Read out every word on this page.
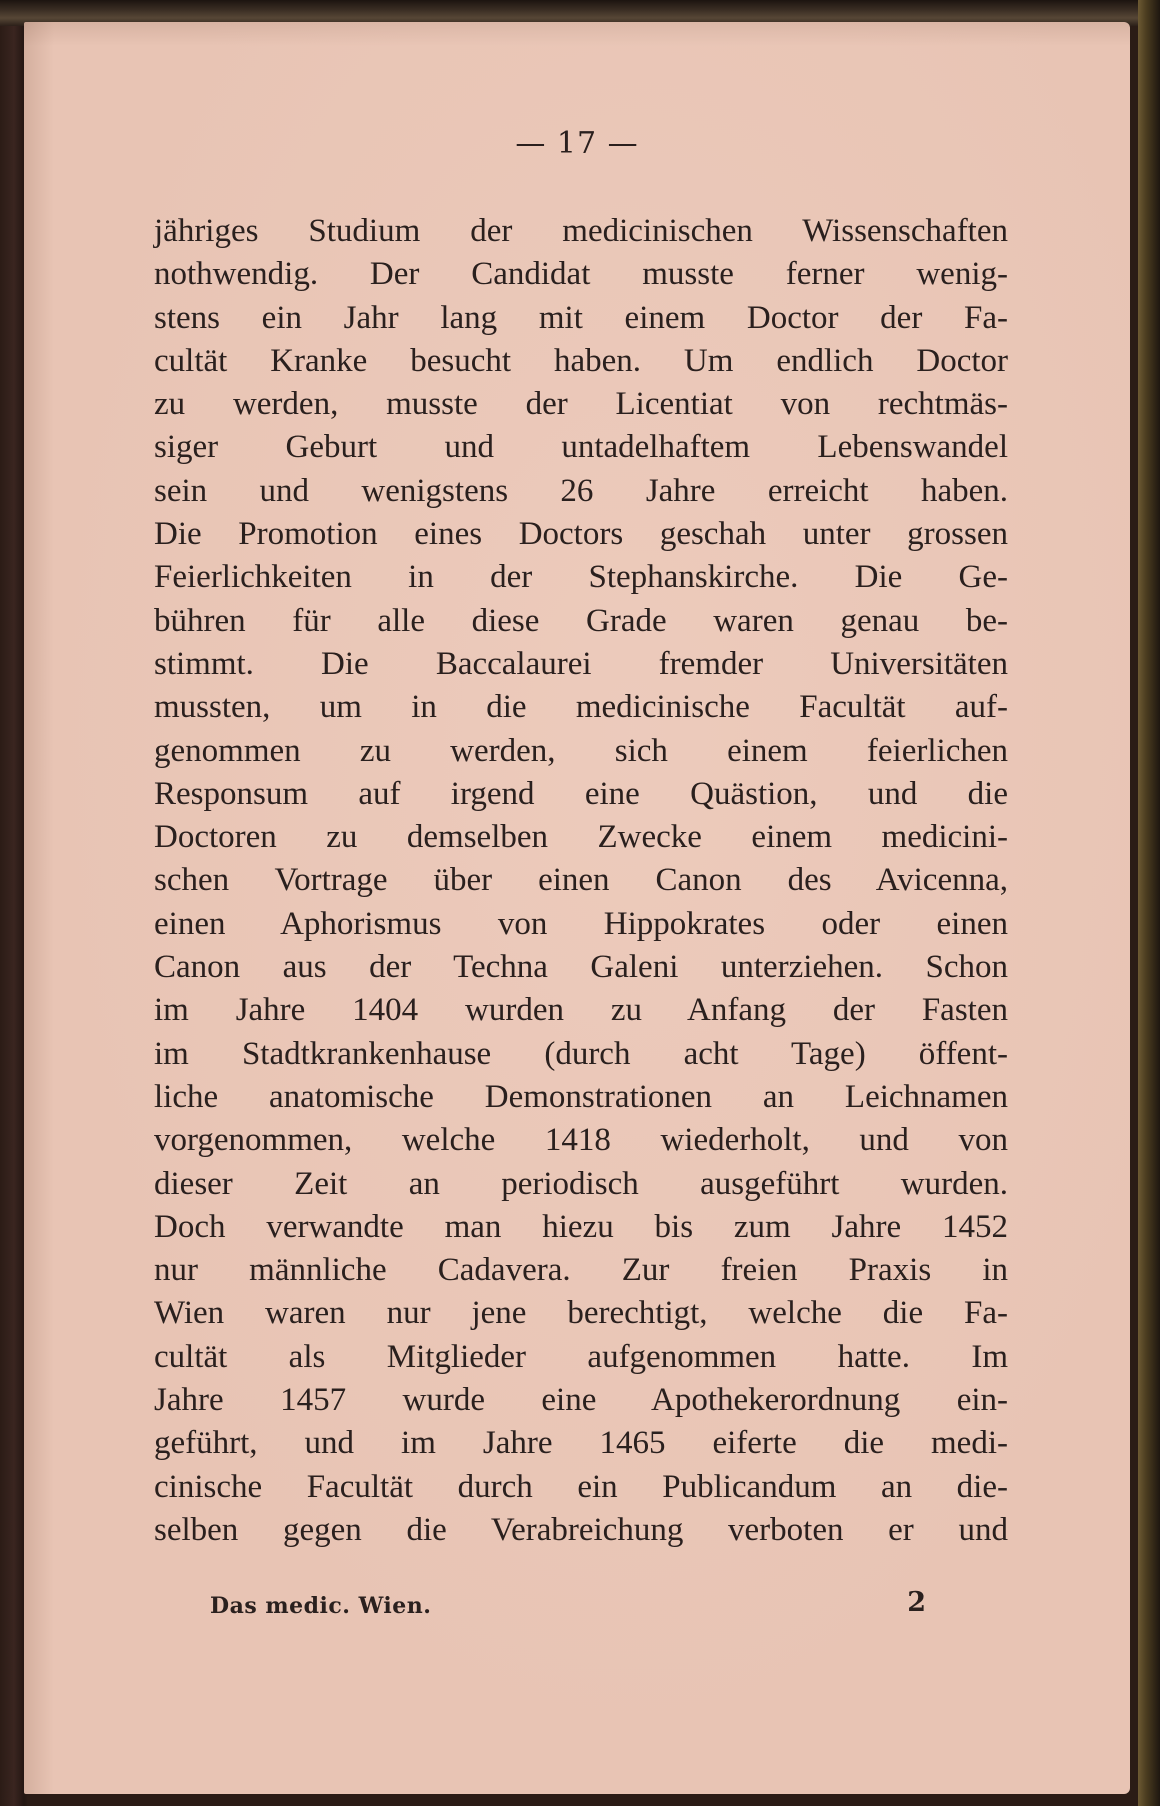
— 17 —
jähriges Studium der medicinischen Wissenschaften
nothwendig. Der Candidat musste ferner wenig-
stens ein Jahr lang mit einem Doctor der Fa-
cultät Kranke besucht haben. Um endlich Doctor
zu werden, musste der Licentiat von rechtmäs-
siger Geburt und untadelhaftem Lebenswandel
sein und wenigstens 26 Jahre erreicht haben.
Die Promotion eines Doctors geschah unter grossen
Feierlichkeiten in der Stephanskirche. Die Ge-
bühren für alle diese Grade waren genau be-
stimmt. Die Baccalaurei fremder Universitäten
mussten, um in die medicinische Facultät auf-
genommen zu werden, sich einem feierlichen
Responsum auf irgend eine Quästion, und die
Doctoren zu demselben Zwecke einem medicini-
schen Vortrage über einen Canon des Avicenna,
einen Aphorismus von Hippokrates oder einen
Canon aus der Techna Galeni unterziehen. Schon
im Jahre 1404 wurden zu Anfang der Fasten
im Stadtkrankenhause (durch acht Tage) öffent-
liche anatomische Demonstrationen an Leichnamen
vorgenommen, welche 1418 wiederholt, und von
dieser Zeit an periodisch ausgeführt wurden.
Doch verwandte man hiezu bis zum Jahre 1452
nur männliche Cadavera. Zur freien Praxis in
Wien waren nur jene berechtigt, welche die Fa-
cultät als Mitglieder aufgenommen hatte. Im
Jahre 1457 wurde eine Apothekerordnung ein-
geführt, und im Jahre 1465 eiferte die medi-
cinische Facultät durch ein Publicandum an die-
selben gegen die Verabreichung verboten er und
Das medic. Wien.	2
